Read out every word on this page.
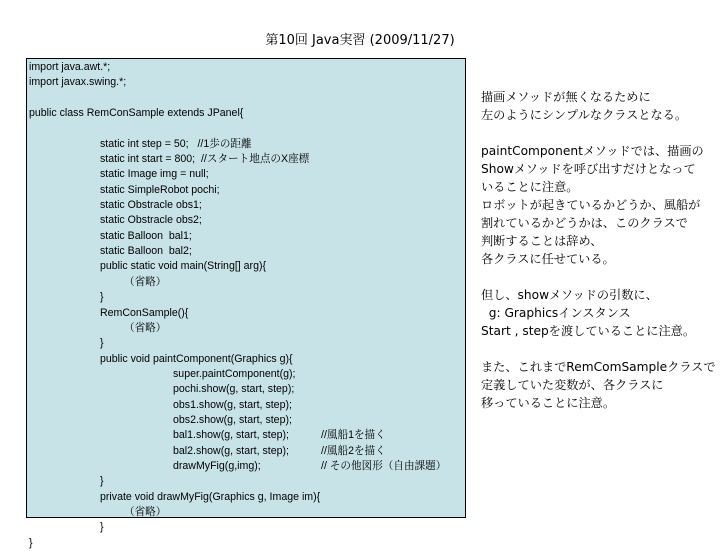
第10回 Java実習 (2009/11/27)
import java.awt.*;
import javax.swing.*;
public class RemConSample extends JPanel{
static int step = 50;   //1歩の距離
static int start = 800;  //スタート地点のX座標
static Image img = null;
static SimpleRobot pochi;
static Obstracle obs1;
static Obstracle obs2;
static Balloon  bal1;
static Balloon  bal2;
public static void main(String[] arg){
（省略）
}
RemConSample(){
（省略）
}
public void paintComponent(Graphics g){
super.paintComponent(g);
pochi.show(g, start, step);
obs1.show(g, start, step);
obs2.show(g, start, step);
bal1.show(g, start, step);	//風船1を描く
bal2.show(g, start, step);	//風船2を描く
drawMyFig(g,img);	// その他図形（自由課題）
}
private void drawMyFig(Graphics g, Image im){
（省略）
}
}
描画メソッドが無くなるために
左のようにシンプルなクラスとなる。
paintComponentメソッドでは、描画の
Showメソッドを呼び出すだけとなって
いることに注意。
ロボットが起きているかどうか、風船が
割れているかどうかは、このクラスで
判断することは辞め、
各クラスに任せている。
但し、showメソッドの引数に、
g: Graphicsインスタンス
Start , stepを渡していることに注意。
また、これまでRemComSampleクラスで
定義していた変数が、各クラスに
移っていることに注意。
